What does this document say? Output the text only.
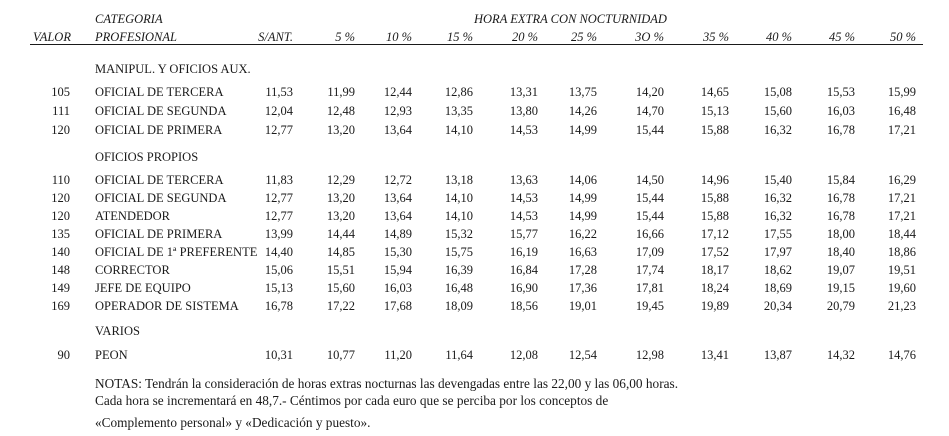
CATEGORIA	HORA EXTRA CON NOCTURNIDAD
VALOR PROFESIONAL	S/ANT.	5 % 10 %	15 %	20 %	25 %	3O %	35 %	40 %	45 %	50 %
MANIPUL. Y OFICIOS AUX.
105 OFICIAL DE TERCERA	11,53	11,99 12,44	12,86	13,31 13,75	14,20	14,65	15,08	15,53	15,99
111 OFICIAL DE SEGUNDA	12,04	12,48 12,93	13,35	13,80 14,26	14,70	15,13	15,60	16,03	16,48
120 OFICIAL DE PRIMERA	12,77	13,20 13,64	14,10	14,53 14,99	15,44	15,88	16,32	16,78	17,21
OFICIOS PROPIOS
110 OFICIAL DE TERCERA	11,83	12,29 12,72	13,18	13,63 14,06	14,50	14,96	15,40	15,84	16,29
120 OFICIAL DE SEGUNDA	12,77	13,20 13,64	14,10	14,53 14,99	15,44	15,88	16,32	16,78	17,21
120 ATENDEDOR	12,77	13,20 13,64	14,10	14,53 14,99	15,44	15,88	16,32	16,78	17,21
135 OFICIAL DE PRIMERA	13,99	14,44 14,89	15,32	15,77 16,22	16,66	17,12	17,55	18,00	18,44
140 OFICIAL DE 1ª PREFERENTE 14,40	14,85 15,30	15,75	16,19 16,63	17,09	17,52	17,97	18,40	18,86
148 CORRECTOR	15,06	15,51 15,94	16,39	16,84 17,28	17,74	18,17	18,62	19,07	19,51
149 JEFE DE EQUIPO	15,13	15,60 16,03	16,48	16,90 17,36	17,81	18,24	18,69	19,15	19,60
169 OPERADOR DE SISTEMA 16,78	17,22 17,68	18,09	18,56 19,01	19,45	19,89	20,34	20,79	21,23
VARIOS
90 PEON	10,31	10,77 11,20	11,64	12,08 12,54	12,98	13,41	13,87	14,32	14,76
NOTAS: Tendrán la consideración de horas extras nocturnas las devengadas entre las 22,00 y las 06,00 horas.
Cada hora se incrementará en 48,7.- Céntimos por cada euro que se perciba por los conceptos de
«Complemento personal» y «Dedicación y puesto».
